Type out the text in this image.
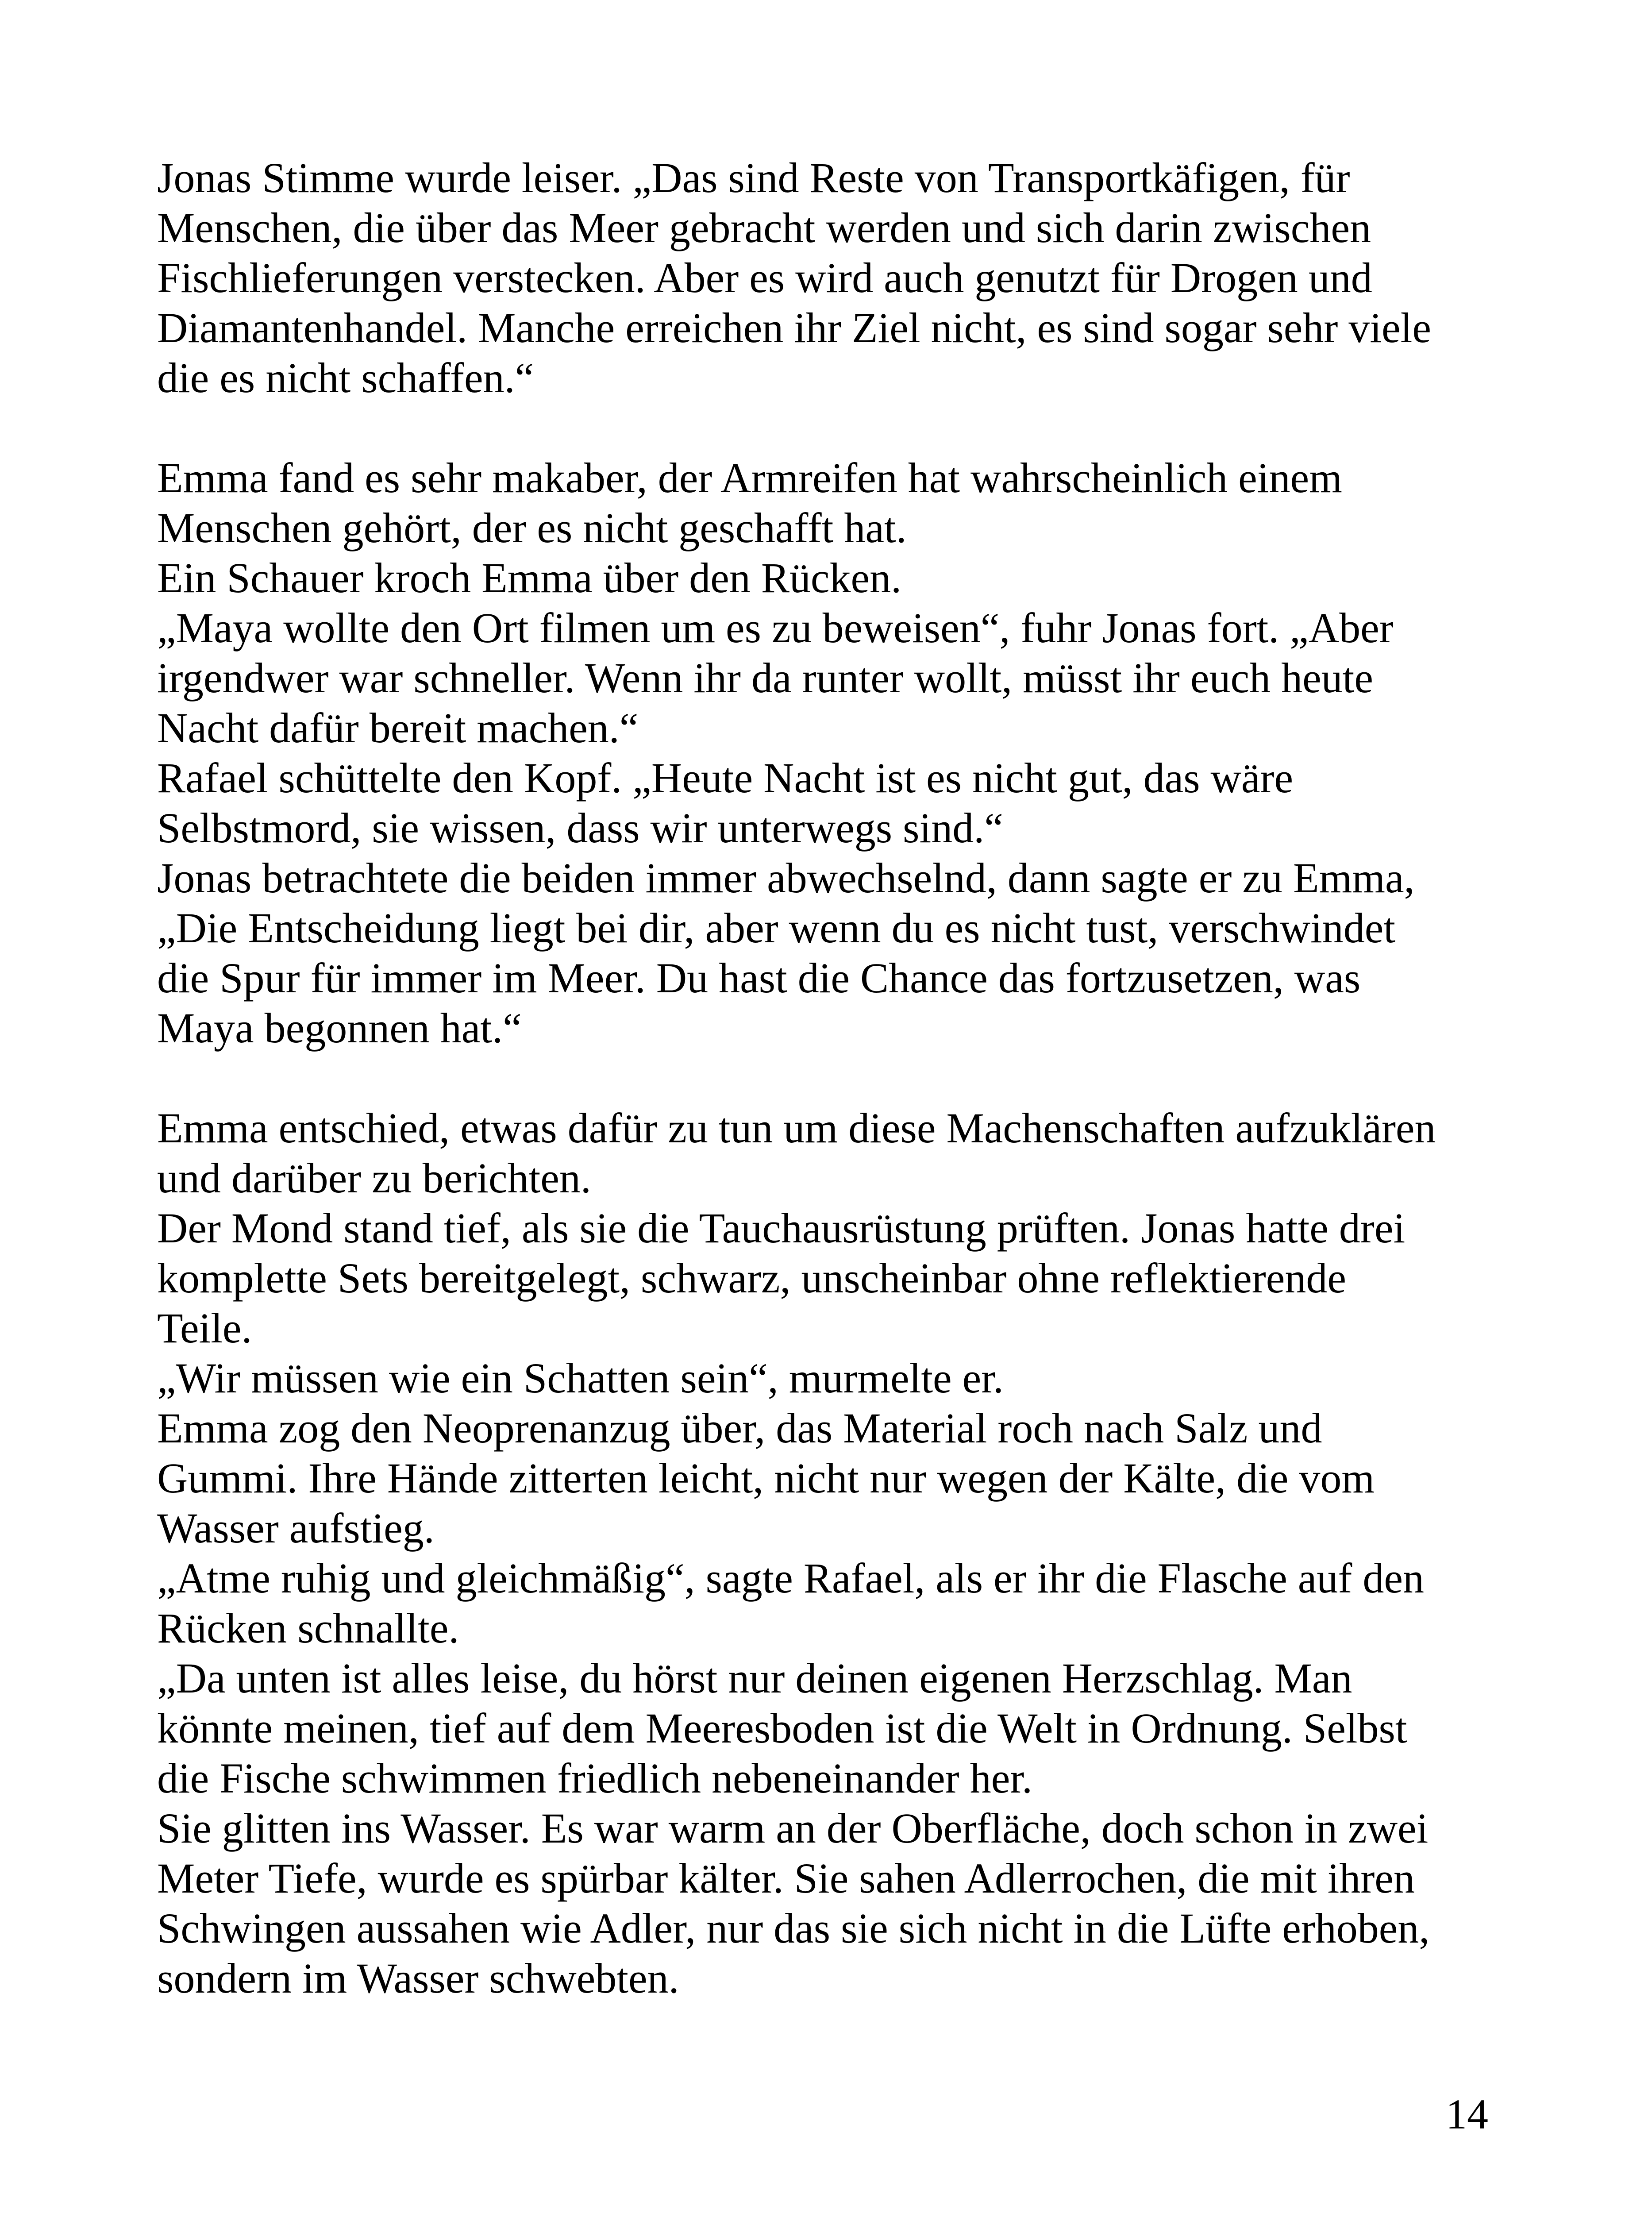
Jonas Stimme wurde leiser. „Das sind Reste von Transportkäfigen, für
Menschen, die über das Meer gebracht werden und sich darin zwischen
Fischlieferungen verstecken. Aber es wird auch genutzt für Drogen und
Diamantenhandel. Manche erreichen ihr Ziel nicht, es sind sogar sehr viele
die es nicht schaffen.“
Emma fand es sehr makaber, der Armreifen hat wahrscheinlich einem
Menschen gehört, der es nicht geschafft hat.
Ein Schauer kroch Emma über den Rücken.
„Maya wollte den Ort filmen um es zu beweisen“, fuhr Jonas fort. „Aber
irgendwer war schneller. Wenn ihr da runter wollt, müsst ihr euch heute
Nacht dafür bereit machen.“
Rafael schüttelte den Kopf. „Heute Nacht ist es nicht gut, das wäre
Selbstmord, sie wissen, dass wir unterwegs sind.“
Jonas betrachtete die beiden immer abwechselnd, dann sagte er zu Emma,
„Die Entscheidung liegt bei dir, aber wenn du es nicht tust, verschwindet
die Spur für immer im Meer. Du hast die Chance das fortzusetzen, was
Maya begonnen hat.“
Emma entschied, etwas dafür zu tun um diese Machenschaften aufzuklären
und darüber zu berichten.
Der Mond stand tief, als sie die Tauchausrüstung prüften. Jonas hatte drei
komplette Sets bereitgelegt, schwarz, unscheinbar ohne reflektierende
Teile.
„Wir müssen wie ein Schatten sein“, murmelte er.
Emma zog den Neoprenanzug über, das Material roch nach Salz und
Gummi. Ihre Hände zitterten leicht, nicht nur wegen der Kälte, die vom
Wasser aufstieg.
„Atme ruhig und gleichmäßig“, sagte Rafael, als er ihr die Flasche auf den
Rücken schnallte.
„Da unten ist alles leise, du hörst nur deinen eigenen Herzschlag. Man
könnte meinen, tief auf dem Meeresboden ist die Welt in Ordnung. Selbst
die Fische schwimmen friedlich nebeneinander her.
Sie glitten ins Wasser. Es war warm an der Oberfläche, doch schon in zwei
Meter Tiefe, wurde es spürbar kälter. Sie sahen Adlerrochen, die mit ihren
Schwingen aussahen wie Adler, nur das sie sich nicht in die Lüfte erhoben,
sondern im Wasser schwebten.
14
